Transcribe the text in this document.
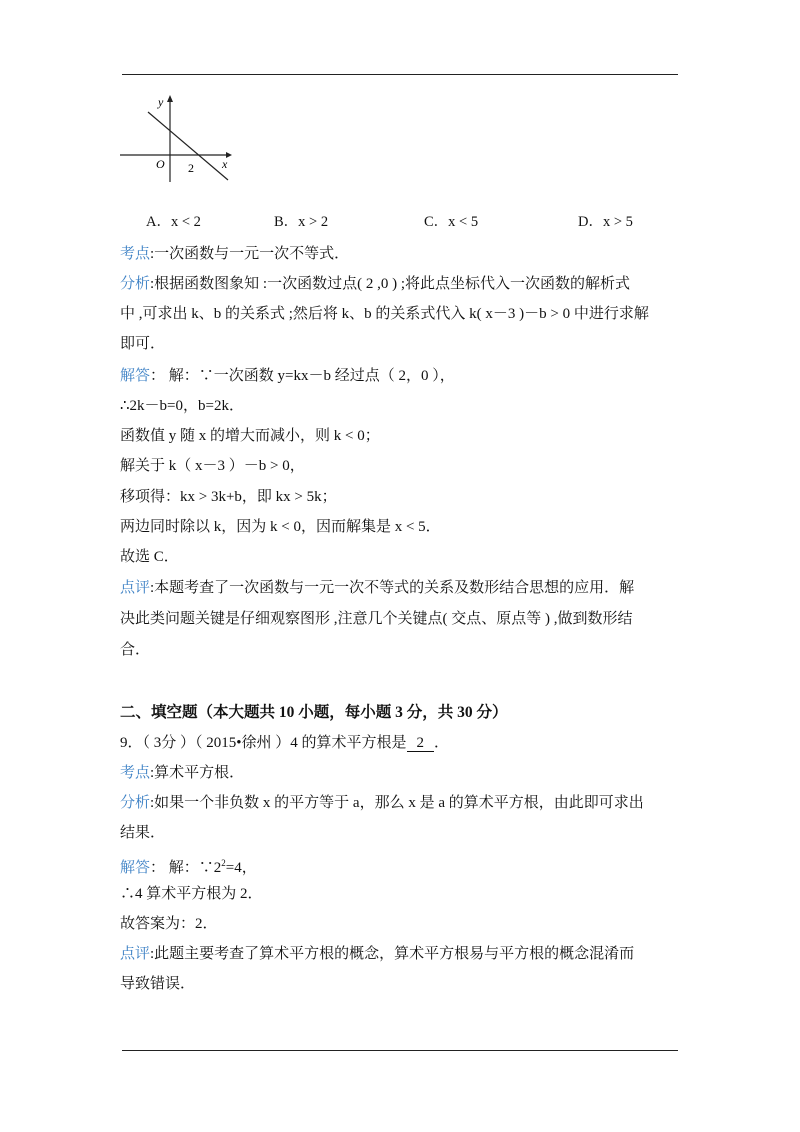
y
x
O 2
A．x < 2	B．x > 2	C．x < 5	D．x > 5
考点:一次函数与一元一次不等式．
分析:根据函数图象知 :一次函数过点( 2 ,0 ) ;将此点坐标代入一次函数的解析式
中 ,可求出 k、b 的关系式 ;然后将 k、b 的关系式代入 k( x－3 )－b > 0 中进行求解
即可．
解答： 解：∵一次函数 y=kx－b 经过点（ 2，0 ），
∴2k－b=0，b=2k．
函数值 y 随 x 的增大而减小，则 k < 0；
解关于 k（ x－3 ）－b > 0，
移项得：kx > 3k+b，即 kx > 5k；
两边同时除以 k，因为 k < 0，因而解集是 x < 5．
故选 C．
点评:本题考查了一次函数与一元一次不等式的关系及数形结合思想的应用．解
决此类问题关键是仔细观察图形 ,注意几个关键点( 交点、原点等 ) ,做到数形结
合．
二、填空题（本大题共 10 小题，每小题 3 分，共 30 分）
9．（ 3分 ）（ 2015•徐州 ）4 的算术平方根是 2 ．
考点:算术平方根．
分析:如果一个非负数 x 的平方等于 a，那么 x 是 a 的算术平方根，由此即可求出
结果．
解答： 解：$\because 2^2=4$，
∴4 算术平方根为 2．
故答案为：2．
点评:此题主要考查了算术平方根的概念，算术平方根易与平方根的概念混淆而
导致错误．
